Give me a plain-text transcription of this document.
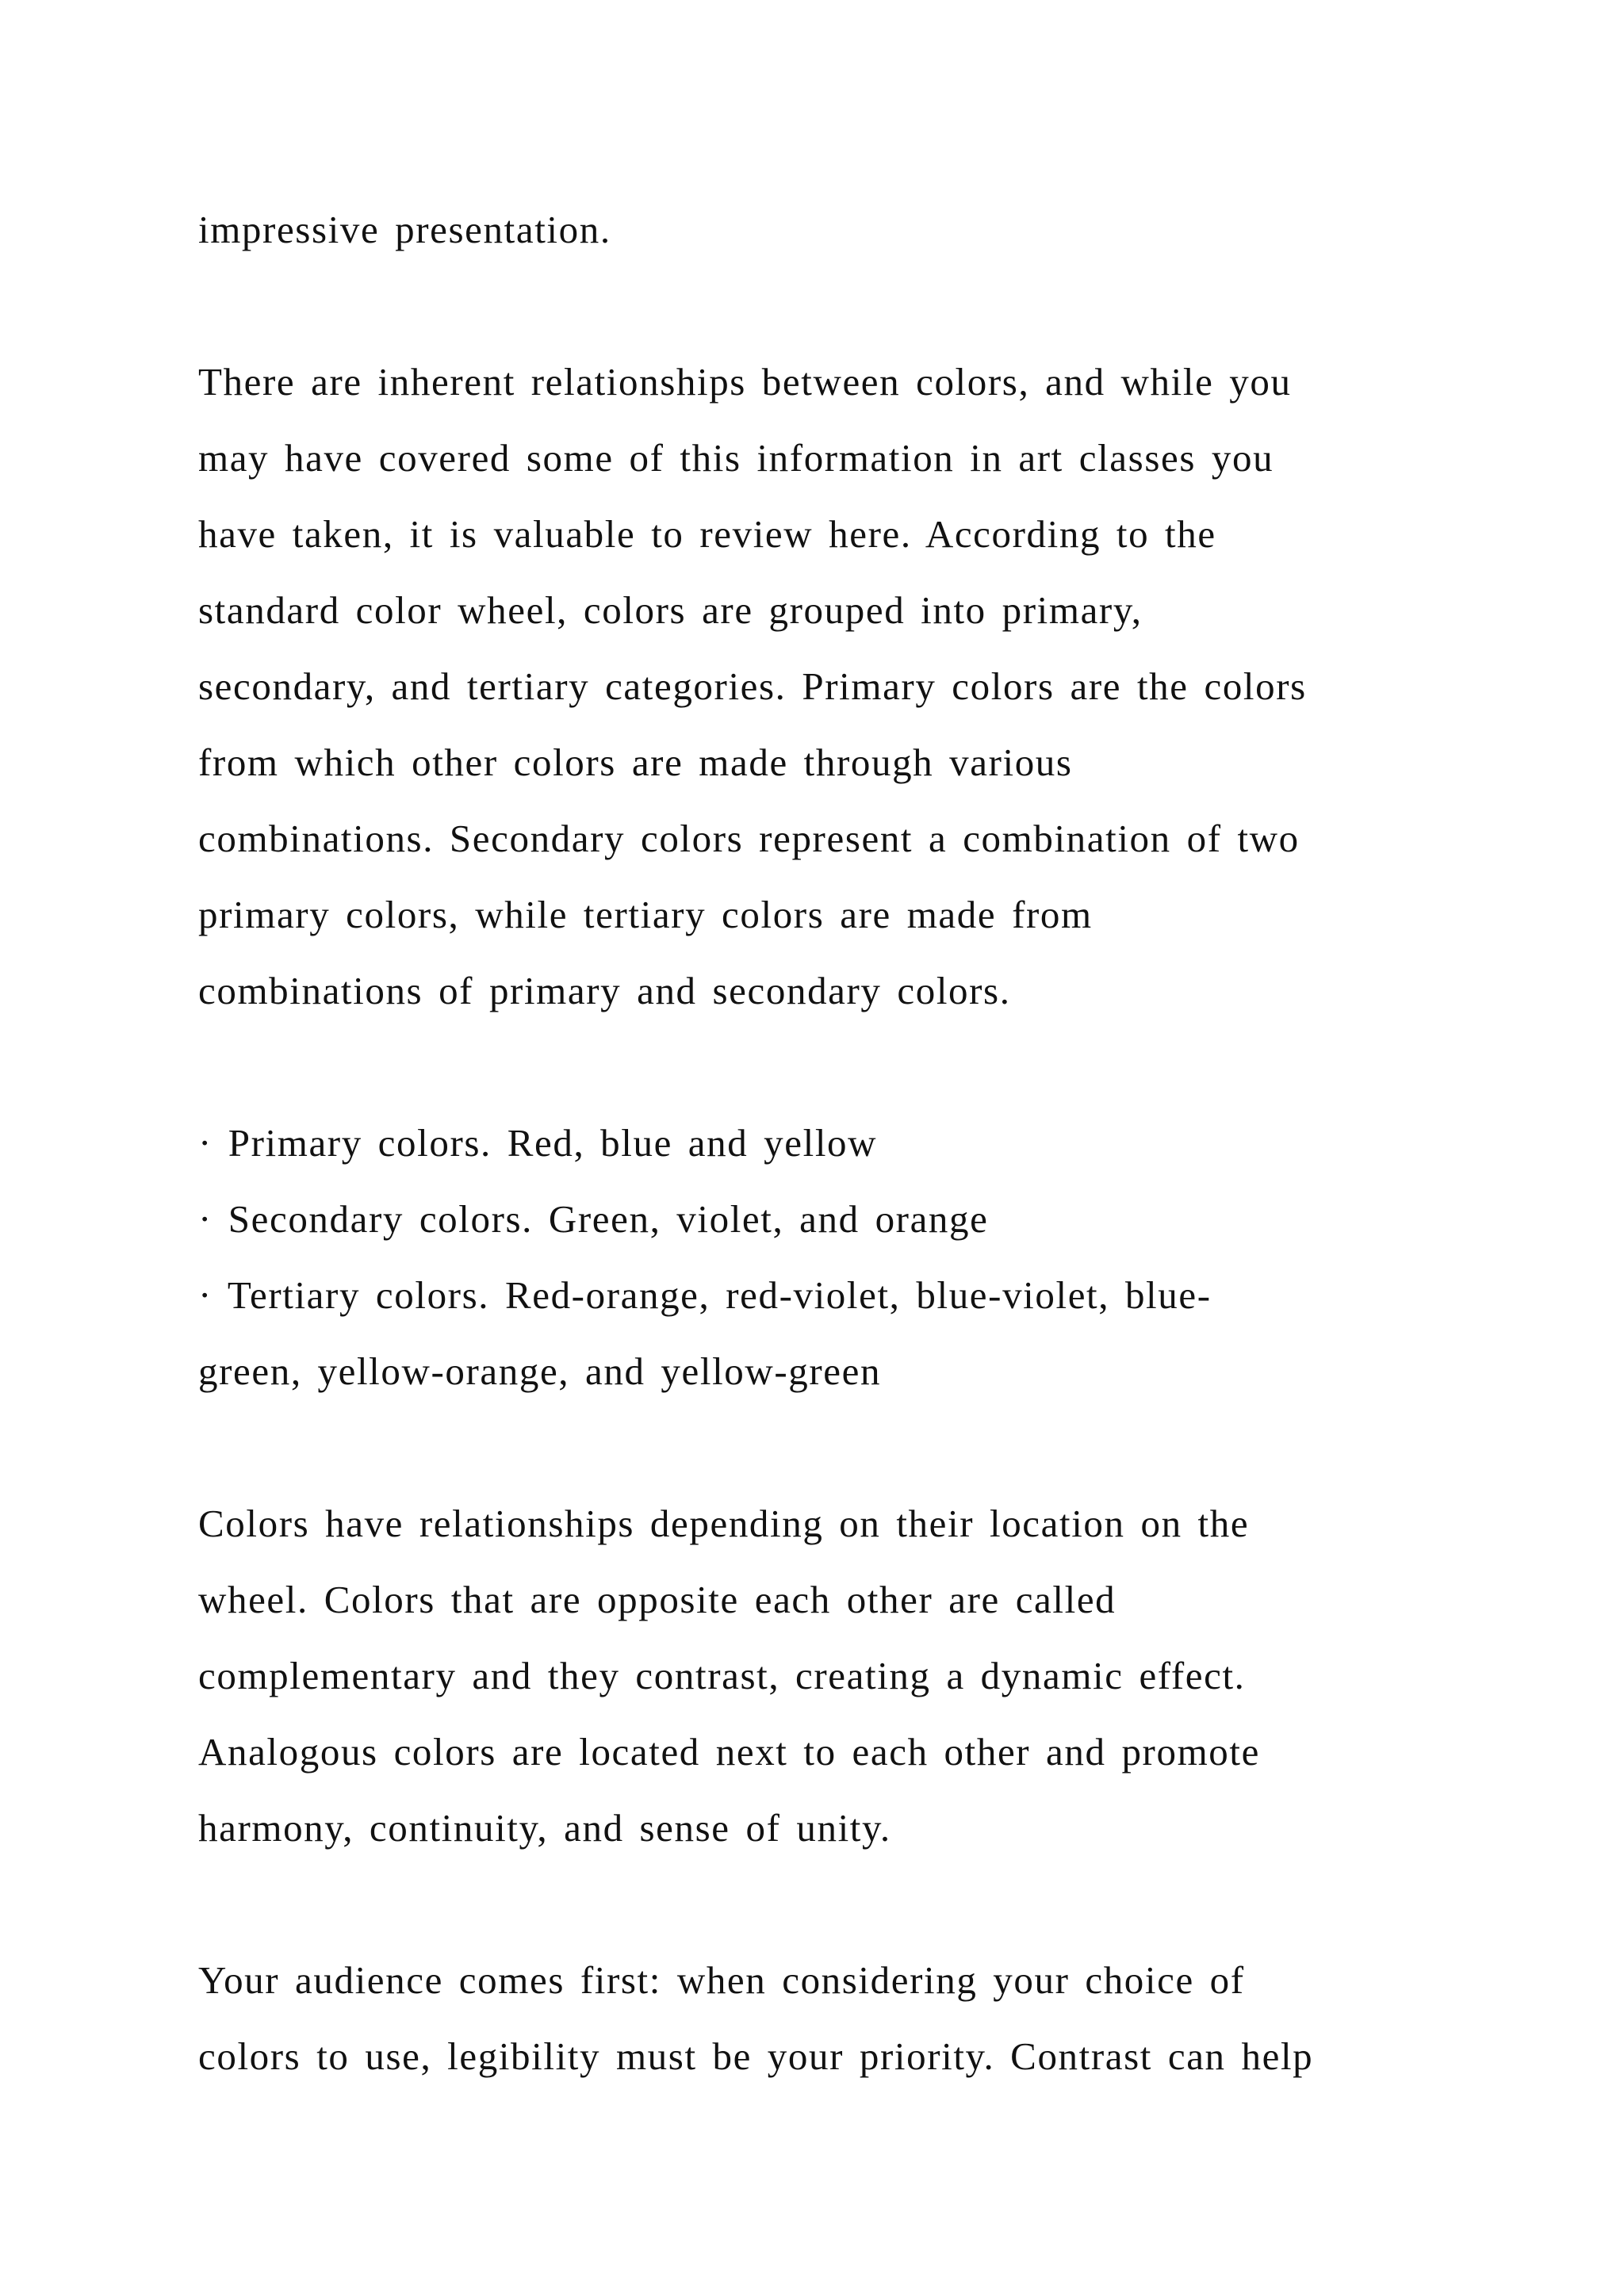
impressive presentation.
There are inherent relationships between colors, and while you
may have covered some of this information in art classes you
have taken, it is valuable to review here. According to the
standard color wheel, colors are grouped into primary,
secondary, and tertiary categories. Primary colors are the colors
from which other colors are made through various
combinations. Secondary colors represent a combination of two
primary colors, while tertiary colors are made from
combinations of primary and secondary colors.
· Primary colors. Red, blue and yellow
· Secondary colors. Green, violet, and orange
· Tertiary colors. Red-orange, red-violet, blue-violet, blue-
green, yellow-orange, and yellow-green
Colors have relationships depending on their location on the
wheel. Colors that are opposite each other are called
complementary and they contrast, creating a dynamic effect.
Analogous colors are located next to each other and promote
harmony, continuity, and sense of unity.
Your audience comes first: when considering your choice of
colors to use, legibility must be your priority. Contrast can help
